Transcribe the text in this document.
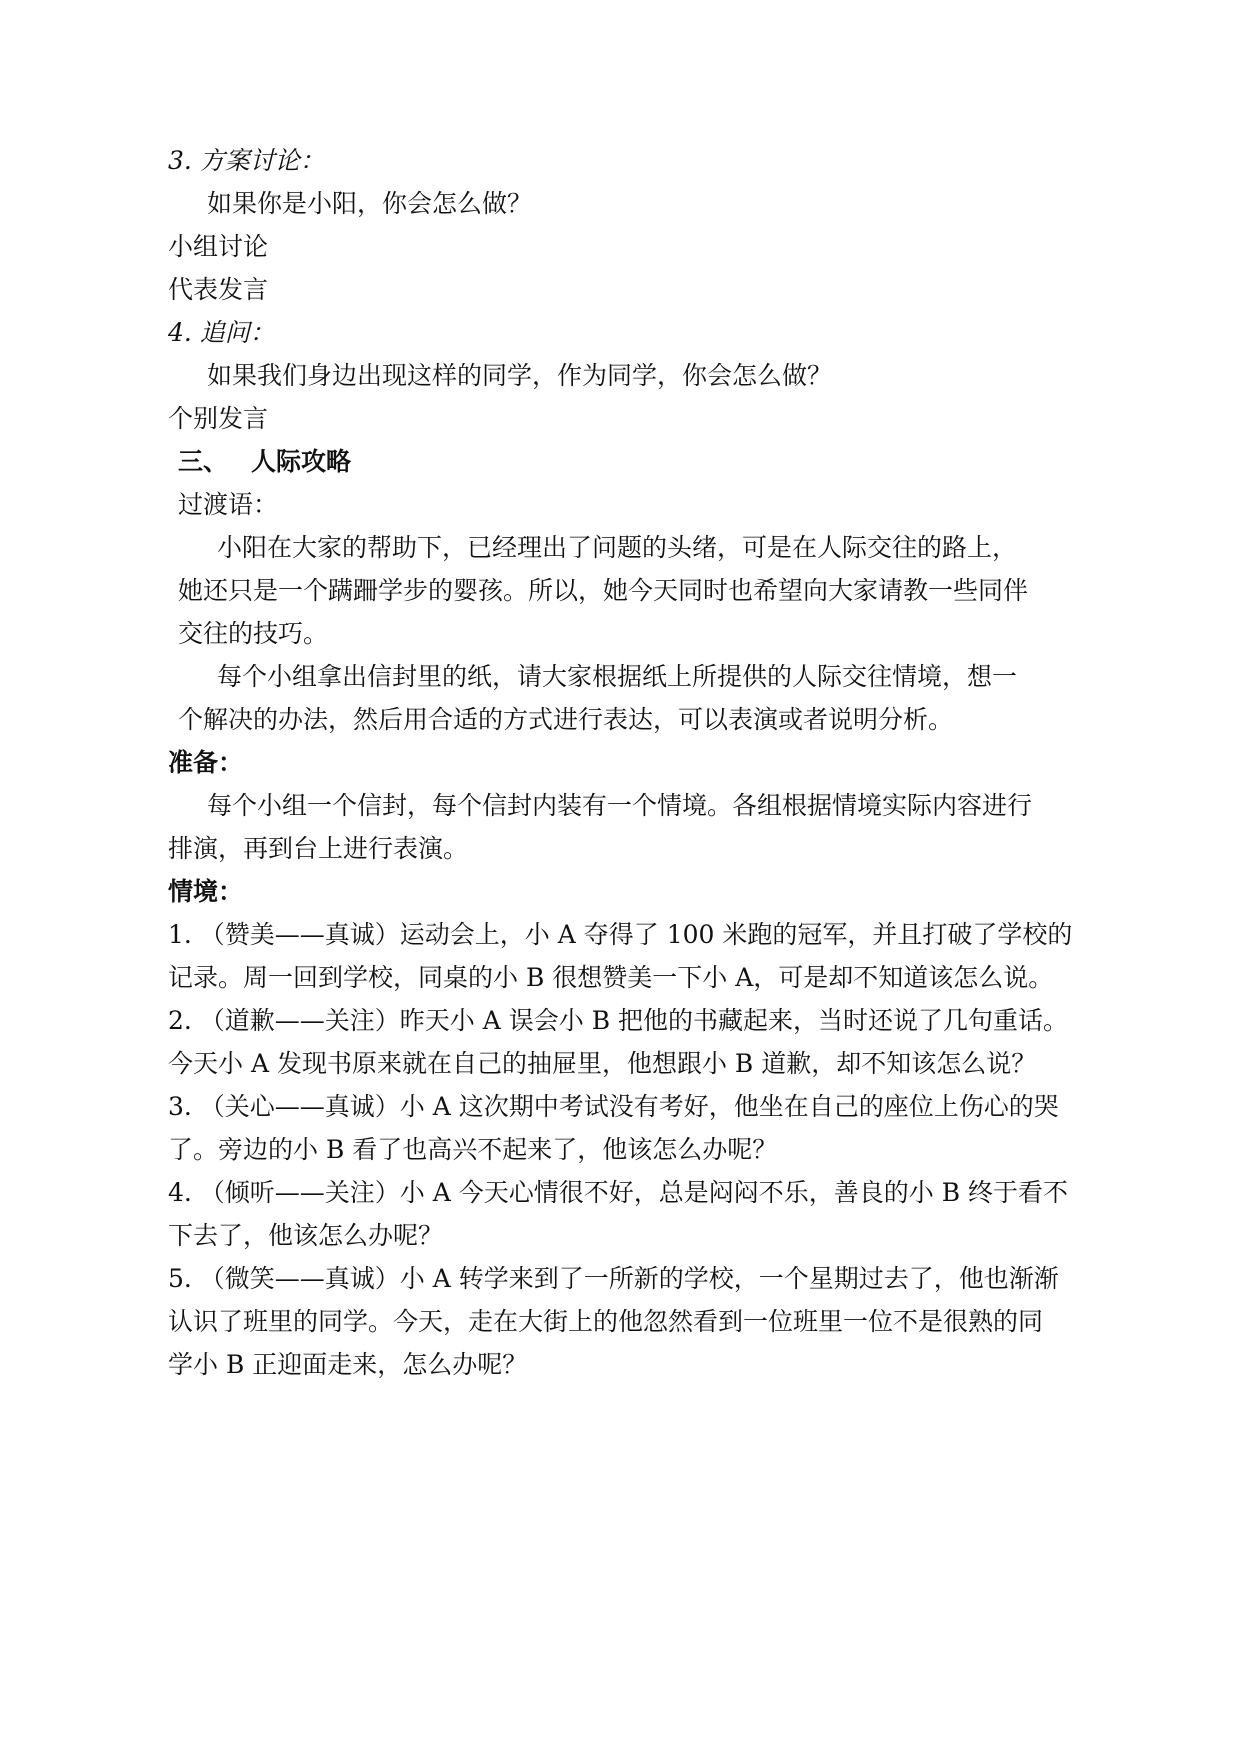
3. 方案讨论：
如果你是小阳，你会怎么做？
小组讨论
代表发言
4. 追问：
如果我们身边出现这样的同学，作为同学，你会怎么做？
个别发言
三、 人际攻略
过渡语：
小阳在大家的帮助下，已经理出了问题的头绪，可是在人际交往的路上，
她还只是一个蹒跚学步的婴孩。所以，她今天同时也希望向大家请教一些同伴
交往的技巧。
每个小组拿出信封里的纸，请大家根据纸上所提供的人际交往情境，想一
个解决的办法，然后用合适的方式进行表达，可以表演或者说明分析。
准备：
每个小组一个信封，每个信封内装有一个情境。各组根据情境实际内容进行
排演，再到台上进行表演。
情境：
1. （赞美——真诚）运动会上，小 A 夺得了 100 米跑的冠军，并且打破了学校的
记录。周一回到学校，同桌的小 B 很想赞美一下小 A，可是却不知道该怎么说。
2. （道歉——关注）昨天小 A 误会小 B 把他的书藏起来，当时还说了几句重话。
今天小 A 发现书原来就在自己的抽屉里，他想跟小 B 道歉，却不知该怎么说？
3. （关心——真诚）小 A 这次期中考试没有考好，他坐在自己的座位上伤心的哭
了。旁边的小 B 看了也高兴不起来了，他该怎么办呢？
4. （倾听——关注）小 A 今天心情很不好，总是闷闷不乐，善良的小 B 终于看不
下去了，他该怎么办呢？
5. （微笑——真诚）小 A 转学来到了一所新的学校，一个星期过去了，他也渐渐
认识了班里的同学。今天，走在大街上的他忽然看到一位班里一位不是很熟的同
学小 B 正迎面走来，怎么办呢？
